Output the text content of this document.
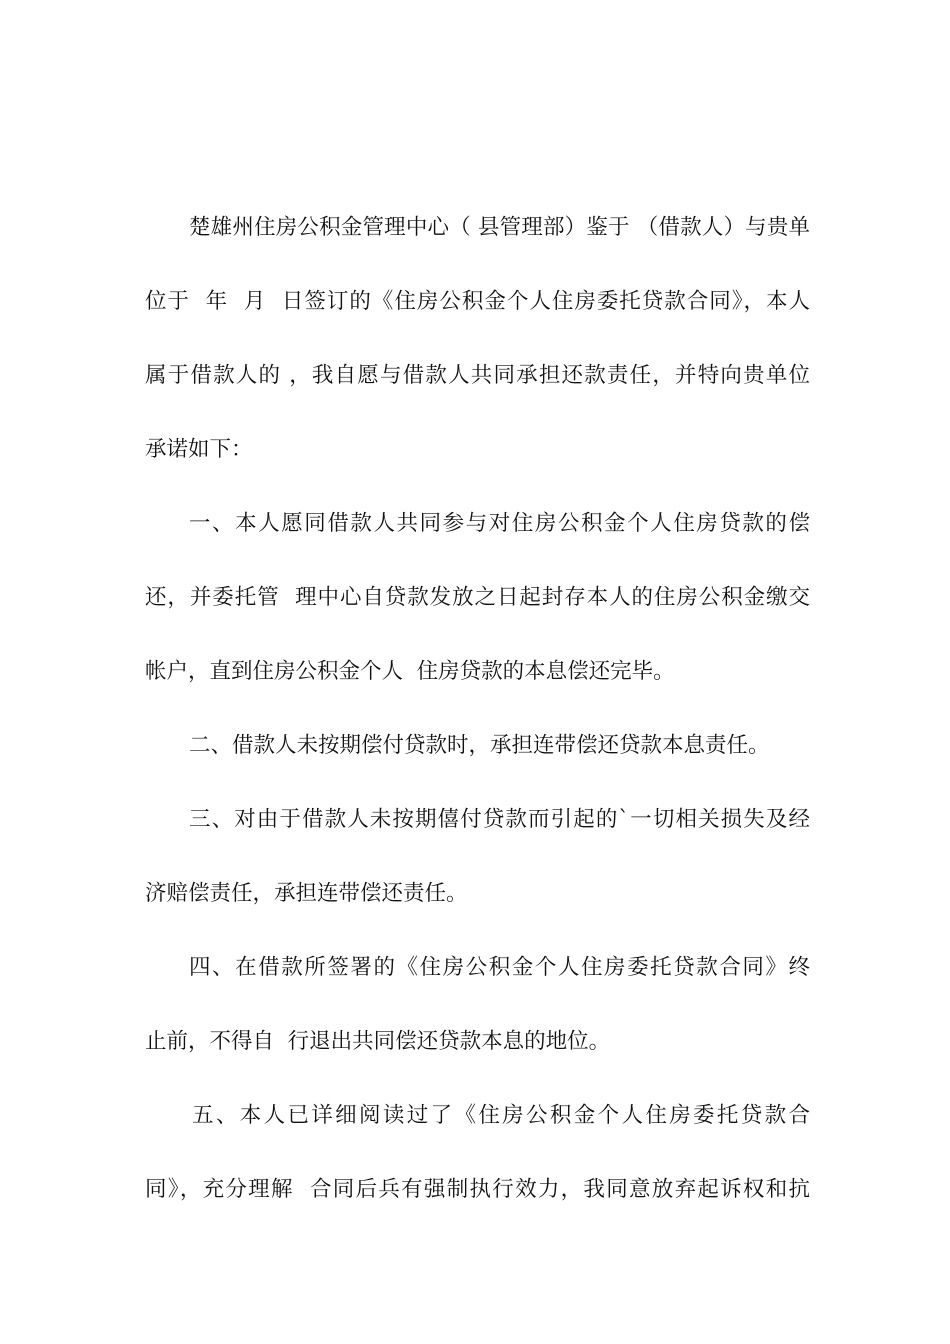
楚雄州住房公积金管理中心（ 县管理部）鉴于 （借款人）与贵单
位于  年  月  日签订的《住房公积金个人住房委托贷款合同》，本人
属于借款人的 ，我自愿与借款人共同承担还款责任，并特向贵单位
承诺如下：
一、本人愿同借款人共同参与对住房公积金个人住房贷款的偿
还，并委托管  理中心自贷款发放之日起封存本人的住房公积金缴交
帐户，直到住房公积金个人  住房贷款的本息偿还完毕。
二、借款人未按期偿付贷款时，承担连带偿还贷款本息责任。
三、对由于借款人未按期僖付贷款而引起的`一切相关损失及经
济赔偿责任，承担连带偿还责任。
四、在借款所签署的《住房公积金个人住房委托贷款合同》终
止前，不得自  行退出共同偿还贷款本息的地位。
五、本人已详细阅读过了《住房公积金个人住房委托贷款合
同》，充分理解  合同后兵有强制执行效力，我同意放弃起诉权和抗
